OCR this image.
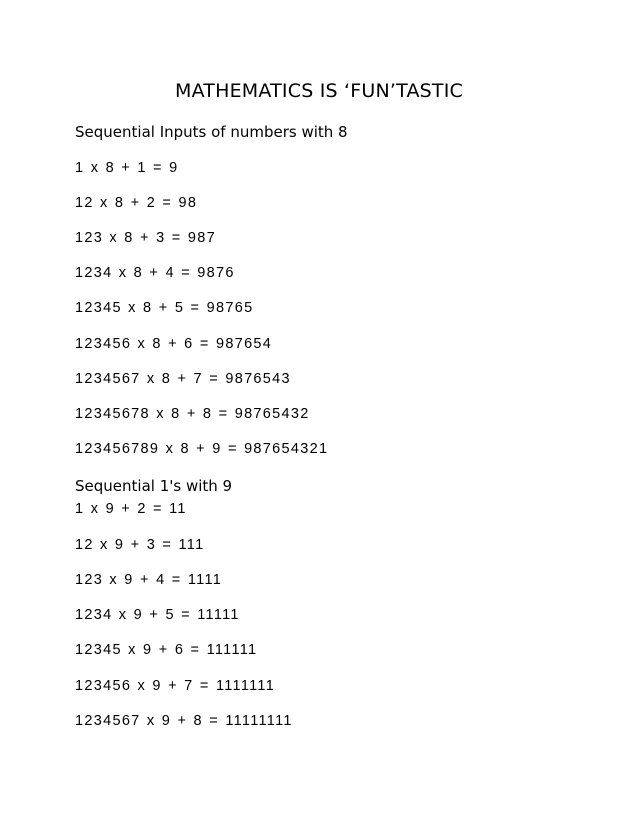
MATHEMATICS IS ‘FUN’TASTIC
Sequential Inputs of numbers with 8
1 x 8 + 1 = 9
12 x 8 + 2 = 98
123 x 8 + 3 = 987
1234 x 8 + 4 = 9876
12345 x 8 + 5 = 98765
123456 x 8 + 6 = 987654
1234567 x 8 + 7 = 9876543
12345678 x 8 + 8 = 98765432
123456789 x 8 + 9 = 987654321
Sequential 1's with 9
1 x 9 + 2 = 11
12 x 9 + 3 = 111
123 x 9 + 4 = 1111
1234 x 9 + 5 = 11111
12345 x 9 + 6 = 111111
123456 x 9 + 7 = 1111111
1234567 x 9 + 8 = 11111111
